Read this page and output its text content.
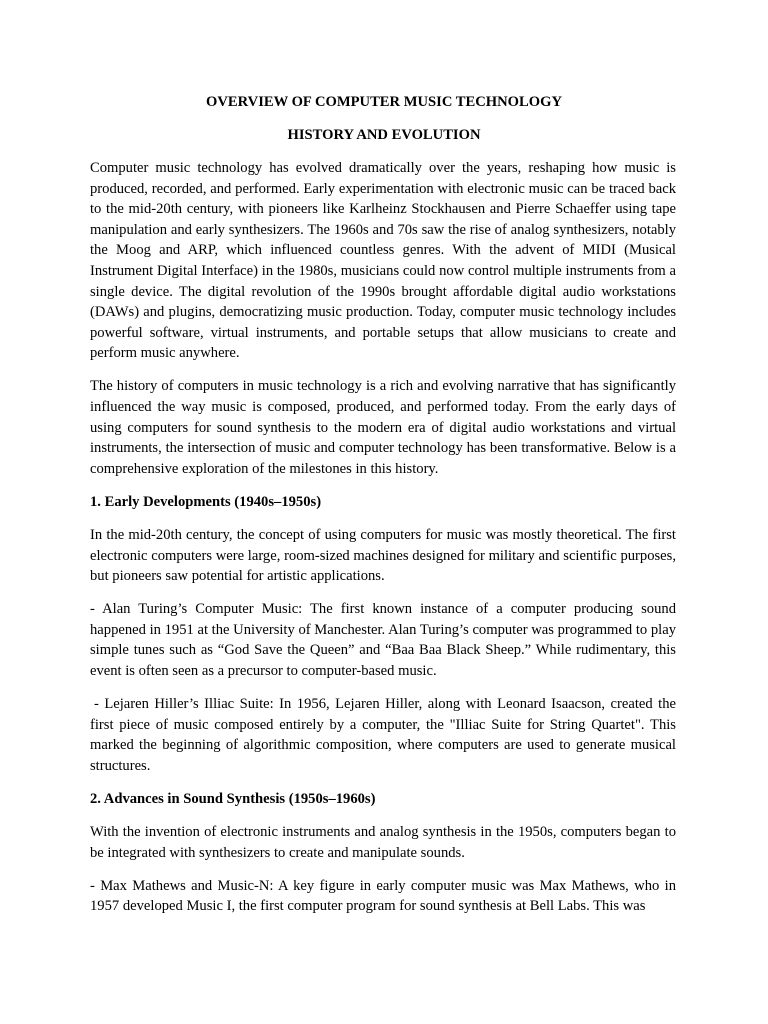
OVERVIEW OF COMPUTER MUSIC TECHNOLOGY

HISTORY AND EVOLUTION

Computer music technology has evolved dramatically over the years, reshaping how music is produced, recorded, and performed. Early experimentation with electronic music can be traced back to the mid-20th century, with pioneers like Karlheinz Stockhausen and Pierre Schaeffer using tape manipulation and early synthesizers. The 1960s and 70s saw the rise of analog synthesizers, notably the Moog and ARP, which influenced countless genres. With the advent of MIDI (Musical Instrument Digital Interface) in the 1980s, musicians could now control multiple instruments from a single device. The digital revolution of the 1990s brought affordable digital audio workstations (DAWs) and plugins, democratizing music production. Today, computer music technology includes powerful software, virtual instruments, and portable setups that allow musicians to create and perform music anywhere.

The history of computers in music technology is a rich and evolving narrative that has significantly influenced the way music is composed, produced, and performed today. From the early days of using computers for sound synthesis to the modern era of digital audio workstations and virtual instruments, the intersection of music and computer technology has been transformative. Below is a comprehensive exploration of the milestones in this history.

1. Early Developments (1940s–1950s)

In the mid-20th century, the concept of using computers for music was mostly theoretical. The first electronic computers were large, room-sized machines designed for military and scientific purposes, but pioneers saw potential for artistic applications.

- Alan Turing’s Computer Music: The first known instance of a computer producing sound happened in 1951 at the University of Manchester. Alan Turing’s computer was programmed to play simple tunes such as “God Save the Queen” and “Baa Baa Black Sheep.” While rudimentary, this event is often seen as a precursor to computer-based music.

- Lejaren Hiller’s Illiac Suite: In 1956, Lejaren Hiller, along with Leonard Isaacson, created the first piece of music composed entirely by a computer, the "Illiac Suite for String Quartet". This marked the beginning of algorithmic composition, where computers are used to generate musical structures.

2. Advances in Sound Synthesis (1950s–1960s)

With the invention of electronic instruments and analog synthesis in the 1950s, computers began to be integrated with synthesizers to create and manipulate sounds.

- Max Mathews and Music-N: A key figure in early computer music was Max Mathews, who in 1957 developed Music I, the first computer program for sound synthesis at Bell Labs. This was
